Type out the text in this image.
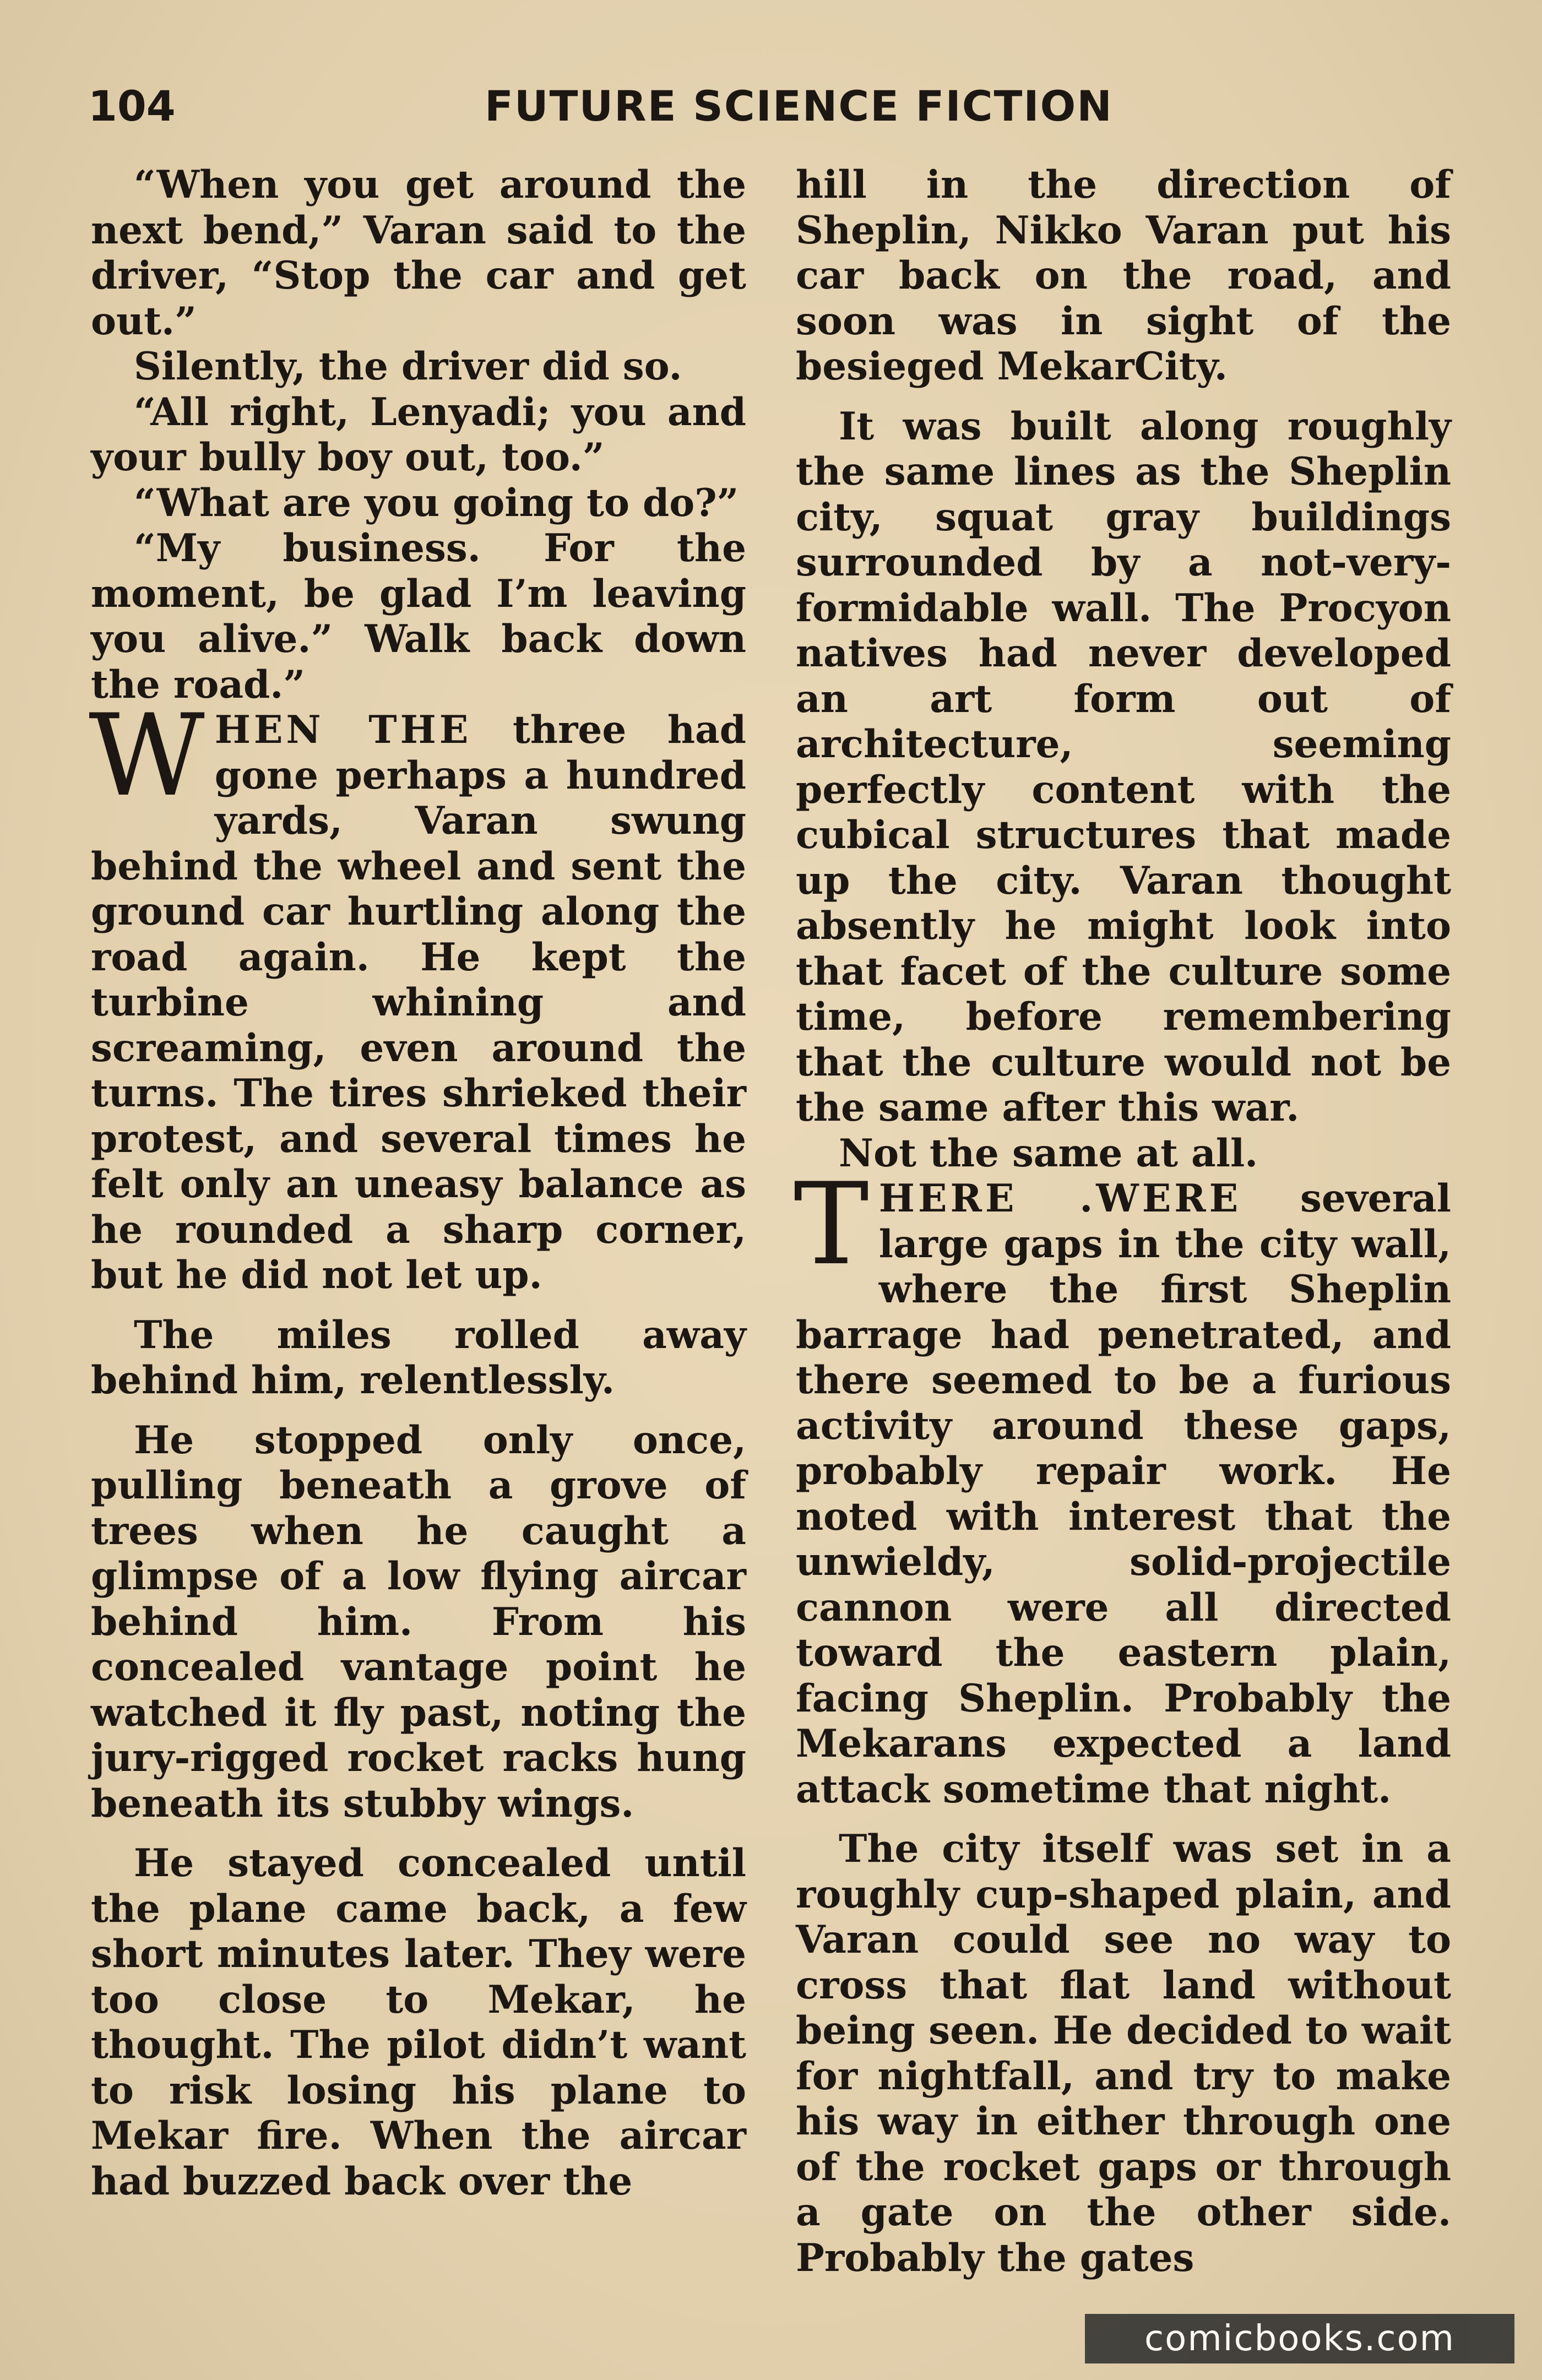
104	FUTURE SCIENCE FICTION

“When you get around the next bend,” Varan said to the driver, “Stop the car and get out.”

Silently, the driver did so.

“All right, Lenyadi; you and your bully boy out, too.”

“What are you going to do?”

“My business. For the moment, be glad I’m leaving you alive.” Walk back down the road.”

WHEN THE three had gone perhaps a hundred yards, Varan swung behind the wheel and sent the ground car hurtling along the road again. He kept the turbine whining and screaming, even around the turns. The tires shrieked their protest, and several times he felt only an uneasy balance as he rounded a sharp corner, but he did not let up.

The miles rolled away behind him, relentlessly.

He stopped only once, pulling beneath a grove of trees when he caught a glimpse of a low flying aircar behind him. From his concealed vantage point he watched it fly past, noting the jury-rigged rocket racks hung beneath its stubby wings.

He stayed concealed until the plane came back, a few short minutes later. They were too close to Mekar, he thought. The pilot didn’t want to risk losing his plane to Mekar fire. When the aircar had buzzed back over the

hill in the direction of Sheplin, Nikko Varan put his car back on the road, and soon was in sight of the besieged MekarCity.

It was built along roughly the same lines as the Sheplin city, squat gray buildings surrounded by a not-very-formidable wall. The Procyon natives had never developed an art form out of architecture, seeming perfectly content with the cubical structures that made up the city. Varan thought absently he might look into that facet of the culture some time, before remembering that the culture would not be the same after this war.

Not the same at all.

THERE .WERE several large gaps in the city wall, where the first Sheplin barrage had penetrated, and there seemed to be a furious activity around these gaps, probably repair work. He noted with interest that the unwieldy, solid-projectile cannon were all directed toward the eastern plain, facing Sheplin. Probably the Mekarans expected a land attack sometime that night.

The city itself was set in a roughly cup-shaped plain, and Varan could see no way to cross that flat land without being seen. He decided to wait for nightfall, and try to make his way in either through one of the rocket gaps or through a gate on the other side. Probably the gates

comicbooks.com
